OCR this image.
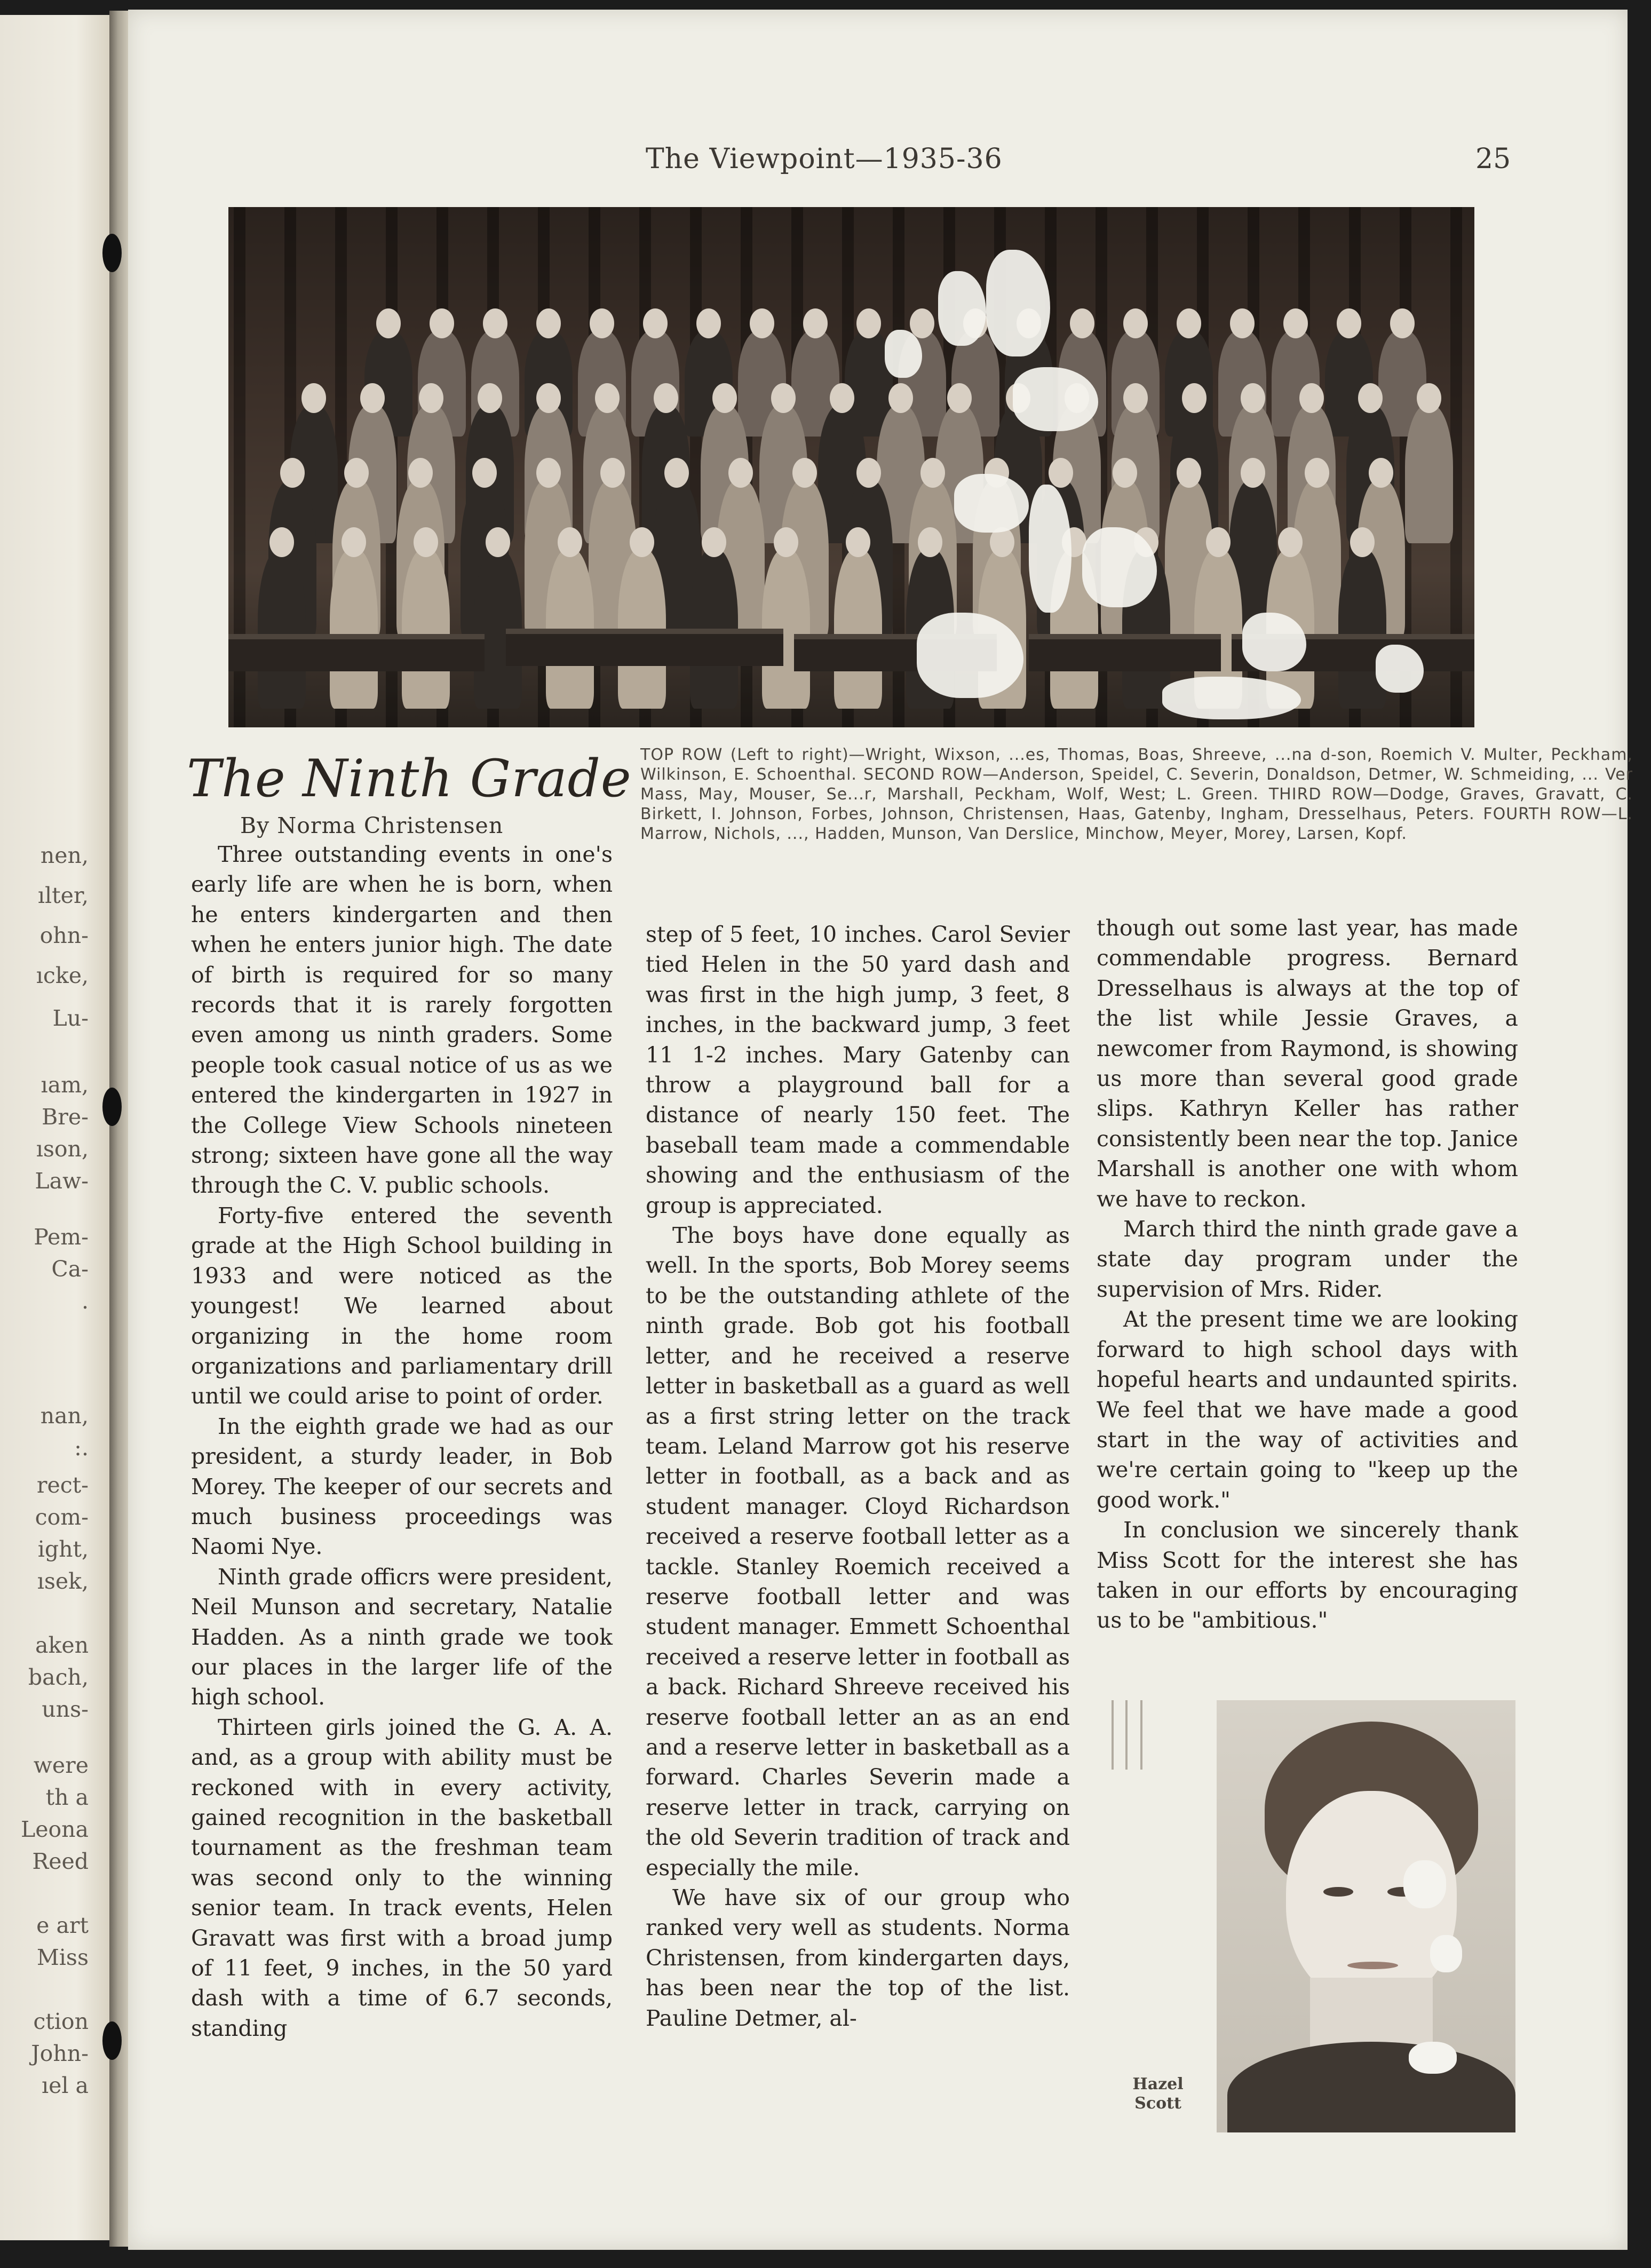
nen,
ılter,
ohn-
ıcke,
Lu-
ıam,
Bre-
ıson,
Law-
Pem-
Ca-
.
nan,
:.
rect-
com-
ight,
ısek,
aken
bach,
uns-
were
th a
Leona
Reed
e art
Miss
ction
John-
ıel a
The Viewpoint—1935-36	25
The Ninth Grade
By Norma Christensen
TOP ROW (Left to right)—Wright, Wixson, ...es, Thomas, Boas, Shreeve, ...na d-son, Roemich V. Multer, Peckham, Wilkinson, E. Schoenthal. SECOND ROW—Anderson, Speidel, C. Severin, Donaldson, Detmer, W. Schmeiding, ... Ver Mass, May, Mouser, Se...r, Marshall, Peckham, Wolf, West; L. Green. THIRD ROW—Dodge, Graves, Gravatt, C. Birkett, I. Johnson, Forbes, Johnson, Christensen, Haas, Gatenby, Ingham, Dresselhaus, Peters. FOURTH ROW—L. Marrow, Nichols, ..., Hadden, Munson, Van Derslice, Minchow, Meyer, Morey, Larsen, Kopf.

Three outstanding events in one's early life are when he is born, when he enters kindergarten and then when he enters junior high. The date of birth is required for so many records that it is rarely forgotten even among us ninth graders. Some people took casual notice of us as we entered the kindergarten in 1927 in the College View Schools nineteen strong; sixteen have gone all the way through the C. V. public schools.

Forty-five entered the seventh grade at the High School building in 1933 and were noticed as the youngest! We learned about organizing in the home room organizations and parliamentary drill until we could arise to point of order.

In the eighth grade we had as our president, a sturdy leader, in Bob Morey. The keeper of our secrets and much business proceedings was Naomi Nye.

Ninth grade officrs were president, Neil Munson and secretary, Natalie Hadden. As a ninth grade we took our places in the larger life of the high school.

Thirteen girls joined the G. A. A. and, as a group with ability must be reckoned with in every activity, gained recognition in the basketball tournament as the freshman team was second only to the winning senior team. In track events, Helen Gravatt was first with a broad jump of 11 feet, 9 inches, in the 50 yard dash with a time of 6.7 seconds, standing

step of 5 feet, 10 inches. Carol Sevier tied Helen in the 50 yard dash and was first in the high jump, 3 feet, 8 inches, in the backward jump, 3 feet 11 1-2 inches. Mary Gatenby can throw a playground ball for a distance of nearly 150 feet. The baseball team made a commendable showing and the enthusiasm of the group is appreciated.

The boys have done equally as well. In the sports, Bob Morey seems to be the outstanding athlete of the ninth grade. Bob got his football letter, and he received a reserve letter in basketball as a guard as well as a first string letter on the track team. Leland Marrow got his reserve letter in football, as a back and as student manager. Cloyd Richardson received a reserve football letter as a tackle. Stanley Roemich received a reserve football letter and was student manager. Emmett Schoenthal received a reserve letter in football as a back. Richard Shreeve received his reserve football letter an as an end and a reserve letter in basketball as a forward. Charles Severin made a reserve letter in track, carrying on the old Severin tradition of track and especially the mile.

We have six of our group who ranked very well as students. Norma Christensen, from kindergarten days, has been near the top of the list. Pauline Detmer, al-

though out some last year, has made commendable progress. Bernard Dresselhaus is always at the top of the list while Jessie Graves, a newcomer from Raymond, is showing us more than several good grade slips. Kathryn Keller has rather consistently been near the top. Janice Marshall is another one with whom we have to reckon.

March third the ninth grade gave a state day program under the supervision of Mrs. Rider.

At the present time we are looking forward to high school days with hopeful hearts and undaunted spirits. We feel that we have made a good start in the way of activities and we're certain going to "keep up the good work."

In conclusion we sincerely thank Miss Scott for the interest she has taken in our efforts by encouraging us to be "ambitious."

Hazel
Scott
